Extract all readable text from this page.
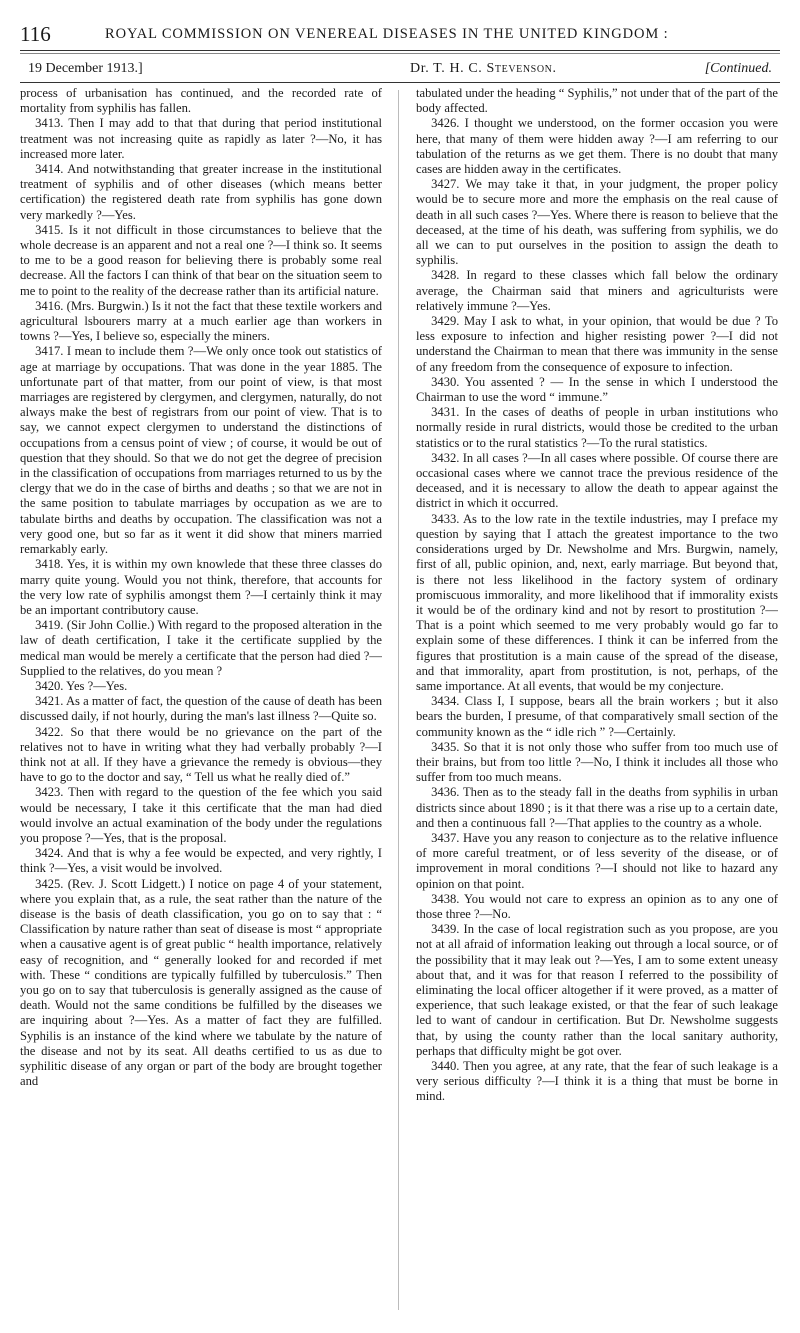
116	ROYAL COMMISSION ON VENEREAL DISEASES IN THE UNITED KINGDOM :
19 December 1913.]	Dr. T. H. C. Stevenson.	[Continued.

process of urbanisation has continued, and the recorded rate of mortality from syphilis has fallen.

3413. Then I may add to that that during that period institutional treatment was not increasing quite as rapidly as later ?—No, it has increased more later.

3414. And notwithstanding that greater increase in the institutional treatment of syphilis and of other diseases (which means better certification) the registered death rate from syphilis has gone down very markedly ?—Yes.

3415. Is it not difficult in those circumstances to believe that the whole decrease is an apparent and not a real one ?—I think so. It seems to me to be a good reason for believing there is probably some real decrease. All the factors I can think of that bear on the situation seem to me to point to the reality of the decrease rather than its artificial nature.

3416. (Mrs. Burgwin.) Is it not the fact that these textile workers and agricultural lsbourers marry at a much earlier age than workers in towns ?—Yes, I believe so, especially the miners.

3417. I mean to include them ?—We only once took out statistics of age at marriage by occupations. That was done in the year 1885. The unfortunate part of that matter, from our point of view, is that most marriages are registered by clergymen, and clergymen, naturally, do not always make the best of registrars from our point of view. That is to say, we cannot expect clergymen to understand the distinctions of occupations from a census point of view ; of course, it would be out of question that they should. So that we do not get the degree of precision in the classification of occupations from marriages returned to us by the clergy that we do in the case of births and deaths ; so that we are not in the same position to tabulate marriages by occupation as we are to tabulate births and deaths by occupation. The classification was not a very good one, but so far as it went it did show that miners married remarkably early.

3418. Yes, it is within my own knowlede that these three classes do marry quite young. Would you not think, therefore, that accounts for the very low rate of syphilis amongst them ?—I certainly think it may be an important contributory cause.

3419. (Sir John Collie.) With regard to the proposed alteration in the law of death certification, I take it the certificate supplied by the medical man would be merely a certificate that the person had died ?—Supplied to the relatives, do you mean ?

3420. Yes ?—Yes.

3421. As a matter of fact, the question of the cause of death has been discussed daily, if not hourly, during the man's last illness ?—Quite so.

3422. So that there would be no grievance on the part of the relatives not to have in writing what they had verbally probably ?—I think not at all. If they have a grievance the remedy is obvious—they have to go to the doctor and say, “ Tell us what he really died of.”

3423. Then with regard to the question of the fee which you said would be necessary, I take it this certificate that the man had died would involve an actual examination of the body under the regulations you propose ?—Yes, that is the proposal.

3424. And that is why a fee would be expected, and very rightly, I think ?—Yes, a visit would be involved.

3425. (Rev. J. Scott Lidgett.) I notice on page 4 of your statement, where you explain that, as a rule, the seat rather than the nature of the disease is the basis of death classification, you go on to say that : “ Classification by nature rather than seat of disease is most “ appropriate when a causative agent is of great public “ health importance, relatively easy of recognition, and “ generally looked for and recorded if met with. These “ conditions are typically fulfilled by tuberculosis.” Then you go on to say that tuberculosis is generally assigned as the cause of death. Would not the same conditions be fulfilled by the diseases we are inquiring about ?—Yes. As a matter of fact they are fulfilled. Syphilis is an instance of the kind where we tabulate by the nature of the disease and not by its seat. All deaths certified to us as due to syphilitic disease of any organ or part of the body are brought together and

tabulated under the heading “ Syphilis,” not under that of the part of the body affected.

3426. I thought we understood, on the former occasion you were here, that many of them were hidden away ?—I am referring to our tabulation of the returns as we get them. There is no doubt that many cases are hidden away in the certificates.

3427. We may take it that, in your judgment, the proper policy would be to secure more and more the emphasis on the real cause of death in all such cases ?—Yes. Where there is reason to believe that the deceased, at the time of his death, was suffering from syphilis, we do all we can to put ourselves in the position to assign the death to syphilis.

3428. In regard to these classes which fall below the ordinary average, the Chairman said that miners and agriculturists were relatively immune ?—Yes.

3429. May I ask to what, in your opinion, that would be due ? To less exposure to infection and higher resisting power ?—I did not understand the Chairman to mean that there was immunity in the sense of any freedom from the consequence of exposure to infection.

3430. You assented ? — In the sense in which I understood the Chairman to use the word “ immune.”

3431. In the cases of deaths of people in urban institutions who normally reside in rural districts, would those be credited to the urban statistics or to the rural statistics ?—To the rural statistics.

3432. In all cases ?—In all cases where possible. Of course there are occasional cases where we cannot trace the previous residence of the deceased, and it is necessary to allow the death to appear against the district in which it occurred.

3433. As to the low rate in the textile industries, may I preface my question by saying that I attach the greatest importance to the two considerations urged by Dr. Newsholme and Mrs. Burgwin, namely, first of all, public opinion, and, next, early marriage. But beyond that, is there not less likelihood in the factory system of ordinary promiscuous immorality, and more likelihood that if immorality exists it would be of the ordinary kind and not by resort to prostitution ?—That is a point which seemed to me very probably would go far to explain some of these differences. I think it can be inferred from the figures that prostitution is a main cause of the spread of the disease, and that immorality, apart from prostitution, is not, perhaps, of the same importance. At all events, that would be my conjecture.

3434. Class I, I suppose, bears all the brain workers ; but it also bears the burden, I presume, of that comparatively small section of the community known as the “ idle rich ” ?—Certainly.

3435. So that it is not only those who suffer from too much use of their brains, but from too little ?—No, I think it includes all those who suffer from too much means.

3436. Then as to the steady fall in the deaths from syphilis in urban districts since about 1890 ; is it that there was a rise up to a certain date, and then a continuous fall ?—That applies to the country as a whole.

3437. Have you any reason to conjecture as to the relative influence of more careful treatment, or of less severity of the disease, or of improvement in moral conditions ?—I should not like to hazard any opinion on that point.

3438. You would not care to express an opinion as to any one of those three ?—No.

3439. In the case of local registration such as you propose, are you not at all afraid of information leaking out through a local source, or of the possibility that it may leak out ?—Yes, I am to some extent uneasy about that, and it was for that reason I referred to the possibility of eliminating the local officer altogether if it were proved, as a matter of experience, that such leakage existed, or that the fear of such leakage led to want of candour in certification. But Dr. Newsholme suggests that, by using the county rather than the local sanitary authority, perhaps that difficulty might be got over.

3440. Then you agree, at any rate, that the fear of such leakage is a very serious difficulty ?—I think it is a thing that must be borne in mind.
